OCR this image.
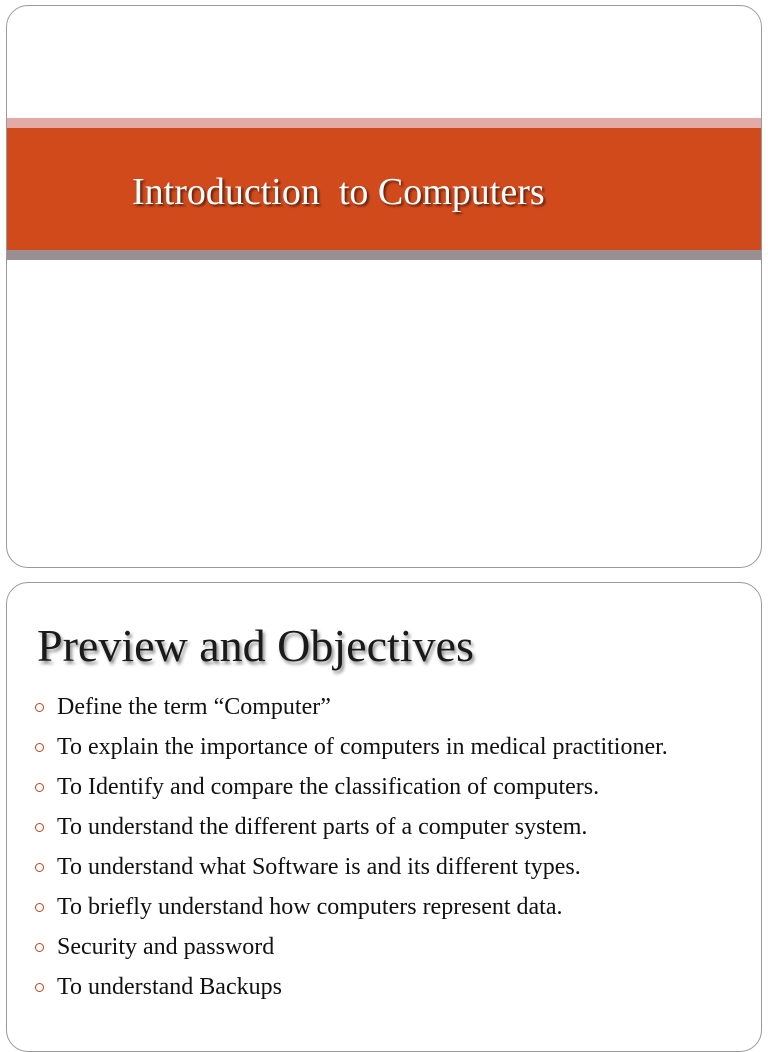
Introduction  to Computers
Preview and Objectives
Define the term “Computer”
To explain the importance of computers in medical practitioner.
To Identify and compare the classification of computers.
To understand the different parts of a computer system.
To understand what Software is and its different types.
To briefly understand how computers represent data.
Security and password
To understand Backups
